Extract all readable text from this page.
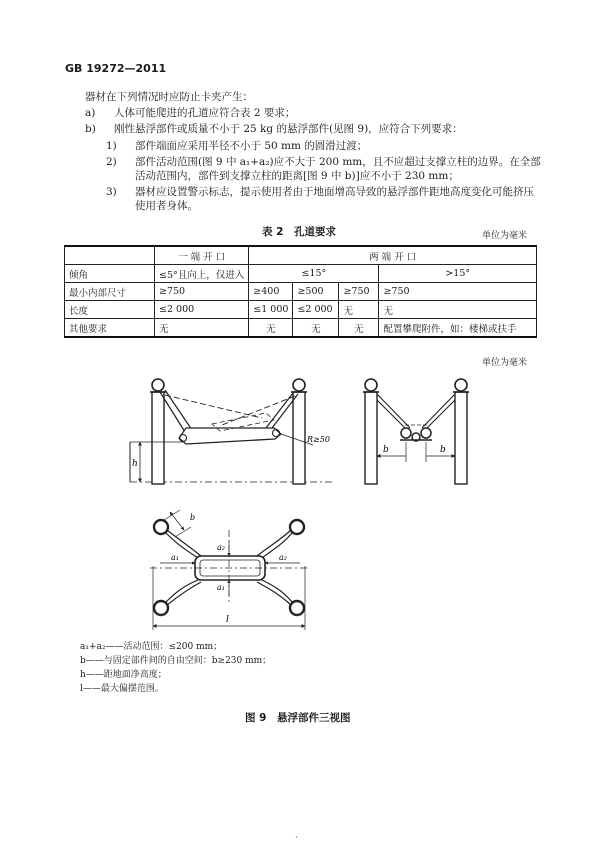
GB 19272—2011
器材在下列情况时应防止卡夹产生：
a) 人体可能爬进的孔道应符合表 2 要求；
b) 刚性悬浮部件或质量不小于 25 kg 的悬浮部件(见图 9)，应符合下列要求：
1) 部件端面应采用半径不小于 50 mm 的圆滑过渡；
2) 部件活动范围(图 9 中 a₁+a₂)应不大于 200 mm，且不应超过支撑立柱的边界。在全部
活动范围内，部件到支撑立柱的距离[图 9 中 b)]应不小于 230 mm；
3) 器材应设置警示标志，提示使用者由于地面增高导致的悬浮部件距地高度变化可能挤压
使用者身体。
表 2　孔道要求	单位为毫米
	一 端 开 口	两 端 开 口			
倾角	≤5°且向上，仅进入	≤15°			>15°
最小内部尺寸	≥750	≥400	≥500	≥750	≥750
长度	≤2 000	≤1 000	≤2 000	无	无
其他要求	无	无	无	无	配置攀爬附件，如：楼梯或扶手
单位为毫米
h
R≥50
b	b
b
a₁	a₂
a₂
a₁
l
a₁+a₂——活动范围：≤200 mm；
b——与固定部件间的自由空间：b≥230 mm；
h——距地面净高度；
l——最大偏摆范围。
图 9　悬浮部件三视图
·
